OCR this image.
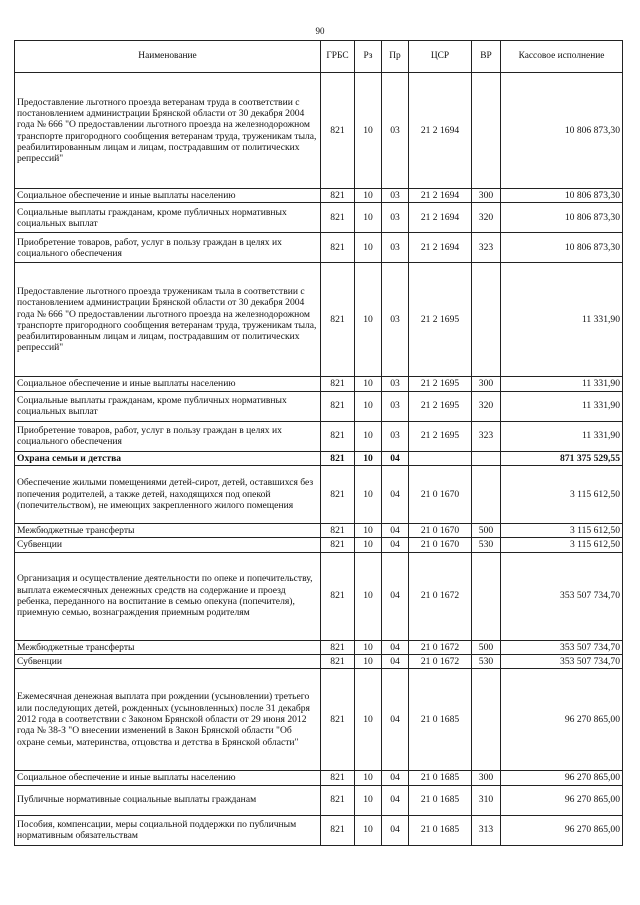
90
Наименование	ГРБС	Рз	Пр	ЦСР	ВР	Кассовое исполнение
Предоставление льготного проезда ветеранам труда в соответствии с постановлением администрации Брянской области от 30 декабря 2004 года № 666 "О предоставлении льготного проезда на железнодорожном транспорте пригородного сообщения ветеранам труда, труженикам тыла, реабилитированным лицам и лицам, пострадавшим от политических репрессий"	821	10	03	21 2 1694		10 806 873,30
Социальное обеспечение и иные выплаты населению	821	10	03	21 2 1694	300	10 806 873,30
Социальные выплаты гражданам, кроме публичных нормативных социальных выплат	821	10	03	21 2 1694	320	10 806 873,30
Приобретение товаров, работ, услуг в пользу граждан в целях их социального обеспечения	821	10	03	21 2 1694	323	10 806 873,30
Предоставление льготного проезда труженикам тыла в соответствии с постановлением администрации Брянской области от 30 декабря 2004 года № 666 "О предоставлении льготного проезда на железнодорожном транспорте пригородного сообщения ветеранам труда, труженикам тыла, реабилитированным лицам и лицам, пострадавшим от политических репрессий"	821	10	03	21 2 1695		11 331,90
Социальное обеспечение и иные выплаты населению	821	10	03	21 2 1695	300	11 331,90
Социальные выплаты гражданам, кроме публичных нормативных социальных выплат	821	10	03	21 2 1695	320	11 331,90
Приобретение товаров, работ, услуг в пользу граждан в целях их социального обеспечения	821	10	03	21 2 1695	323	11 331,90
Охрана семьи и детства	821	10	04			871 375 529,55
Обеспечение жилыми помещениями детей-сирот, детей, оставшихся без попечения родителей, а также детей, находящихся под опекой (попечительством), не имеющих закрепленного жилого помещения	821	10	04	21 0 1670		3 115 612,50
Межбюджетные трансферты	821	10	04	21 0 1670	500	3 115 612,50
Субвенции	821	10	04	21 0 1670	530	3 115 612,50
Организация и осуществление деятельности по опеке и попечительству, выплата ежемесячных денежных средств на содержание и проезд ребенка, переданного на воспитание в семью опекуна (попечителя), приемную семью, вознаграждения приемным родителям	821	10	04	21 0 1672		353 507 734,70
Межбюджетные трансферты	821	10	04	21 0 1672	500	353 507 734,70
Субвенции	821	10	04	21 0 1672	530	353 507 734,70
Ежемесячная денежная выплата при рождении (усыновлении) третьего или последующих детей, рожденных (усыновленных) после 31 декабря 2012 года в соответствии с Законом Брянской области от 29 июня 2012 года № 38-З "О внесении изменений в Закон Брянской области "Об охране семьи, материнства, отцовства и детства в Брянской области"	821	10	04	21 0 1685		96 270 865,00
Социальное обеспечение и иные выплаты населению	821	10	04	21 0 1685	300	96 270 865,00
Публичные нормативные социальные выплаты гражданам	821	10	04	21 0 1685	310	96 270 865,00
Пособия, компенсации, меры социальной поддержки по публичным нормативным обязательствам	821	10	04	21 0 1685	313	96 270 865,00
